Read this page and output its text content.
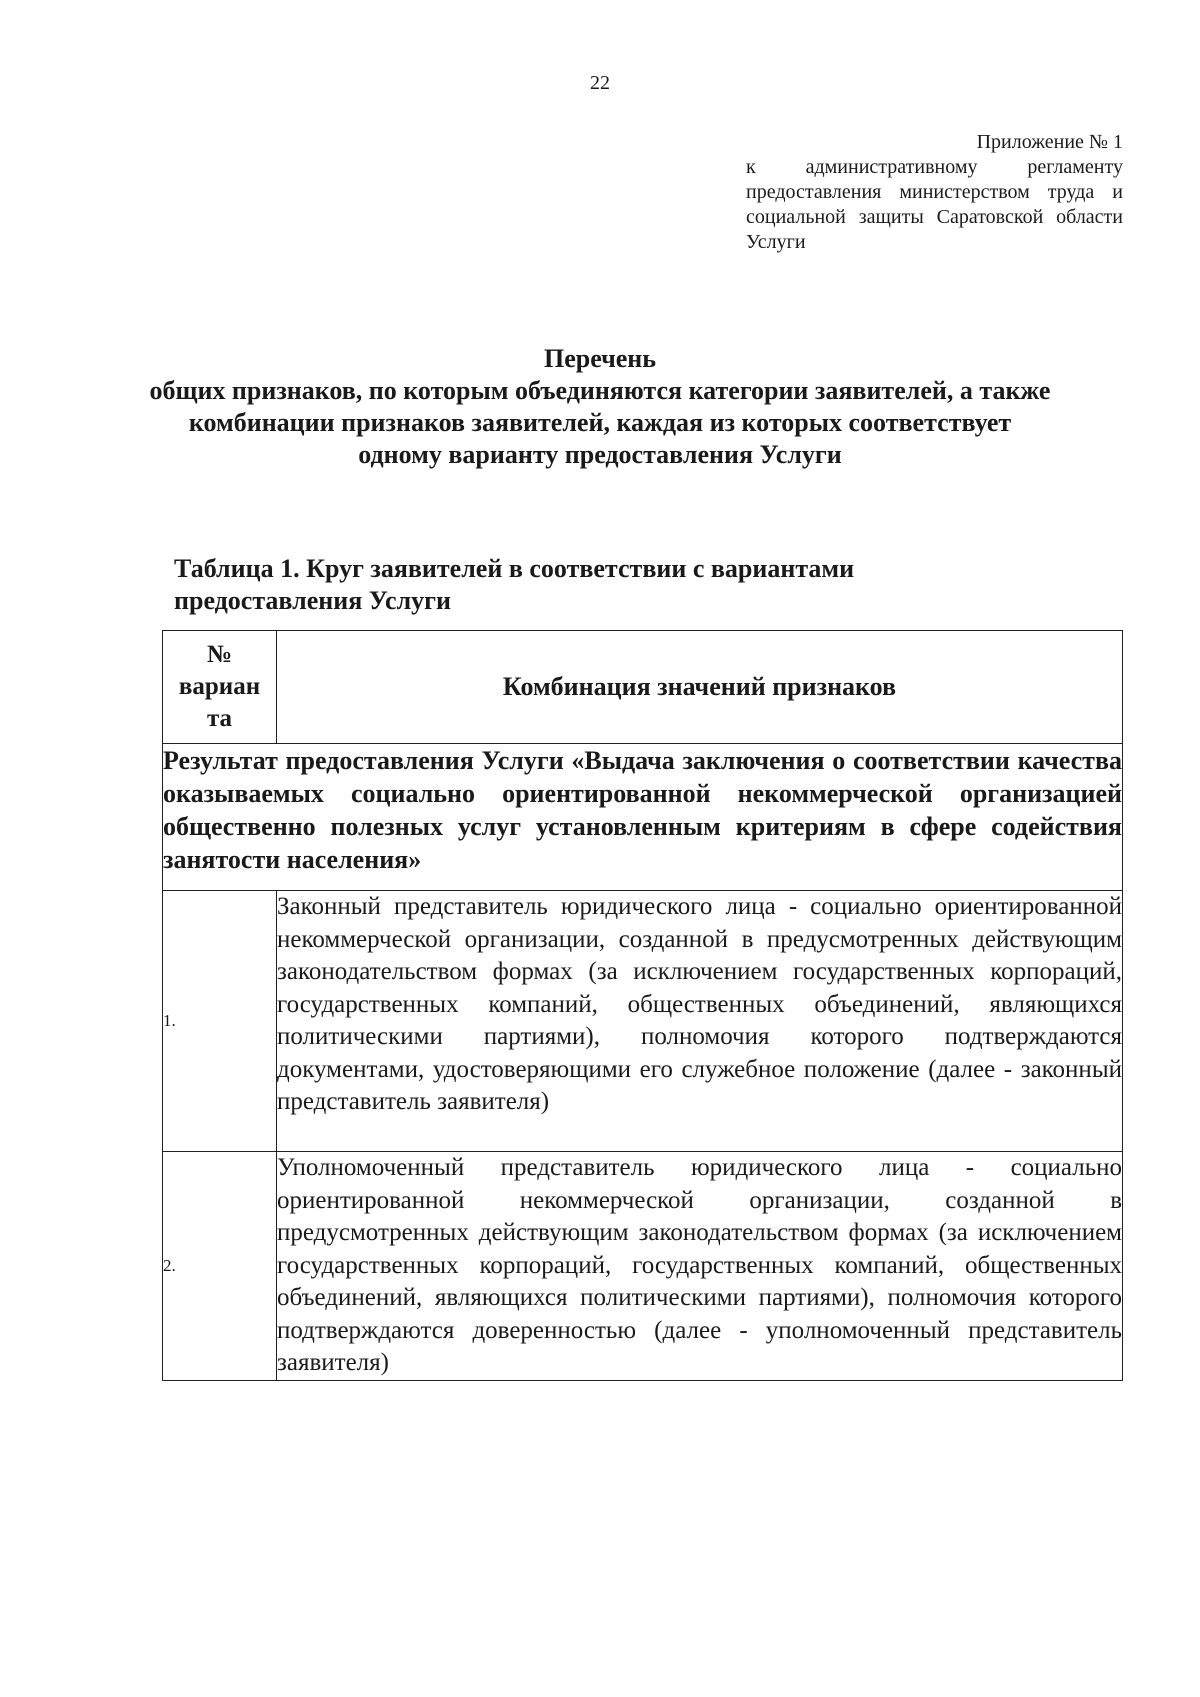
22
Приложение № 1
к административному регламенту предоставления министерством труда и социальной защиты Саратовской области Услуги
Перечень
общих признаков, по которым объединяются категории заявителей, а также комбинации признаков заявителей, каждая из которых соответствует одному варианту предоставления Услуги
Таблица 1. Круг заявителей в соответствии с вариантами предоставления Услуги
№
вариан
та	Комбинация значений признаков
Результат предоставления Услуги «Выдача заключения о соответствии качества оказываемых социально ориентированной некоммерческой организацией общественно полезных услуг установленным критериям в сфере содействия занятости населения»	
1.	Законный представитель юридического лица - социально ориентированной некоммерческой организации, созданной в предусмотренных действующим законодательством формах (за исключением государственных корпораций, государственных компаний, общественных объединений, являющихся политическими партиями), полномочия которого подтверждаются документами, удостоверяющими его служебное положение (далее - законный представитель заявителя)
2.	Уполномоченный представитель юридического лица - социально ориентированной некоммерческой организации, созданной в предусмотренных действующим законодательством формах (за исключением государственных корпораций, государственных компаний, общественных объединений, являющихся политическими партиями), полномочия которого подтверждаются доверенностью (далее - уполномоченный представитель заявителя)
